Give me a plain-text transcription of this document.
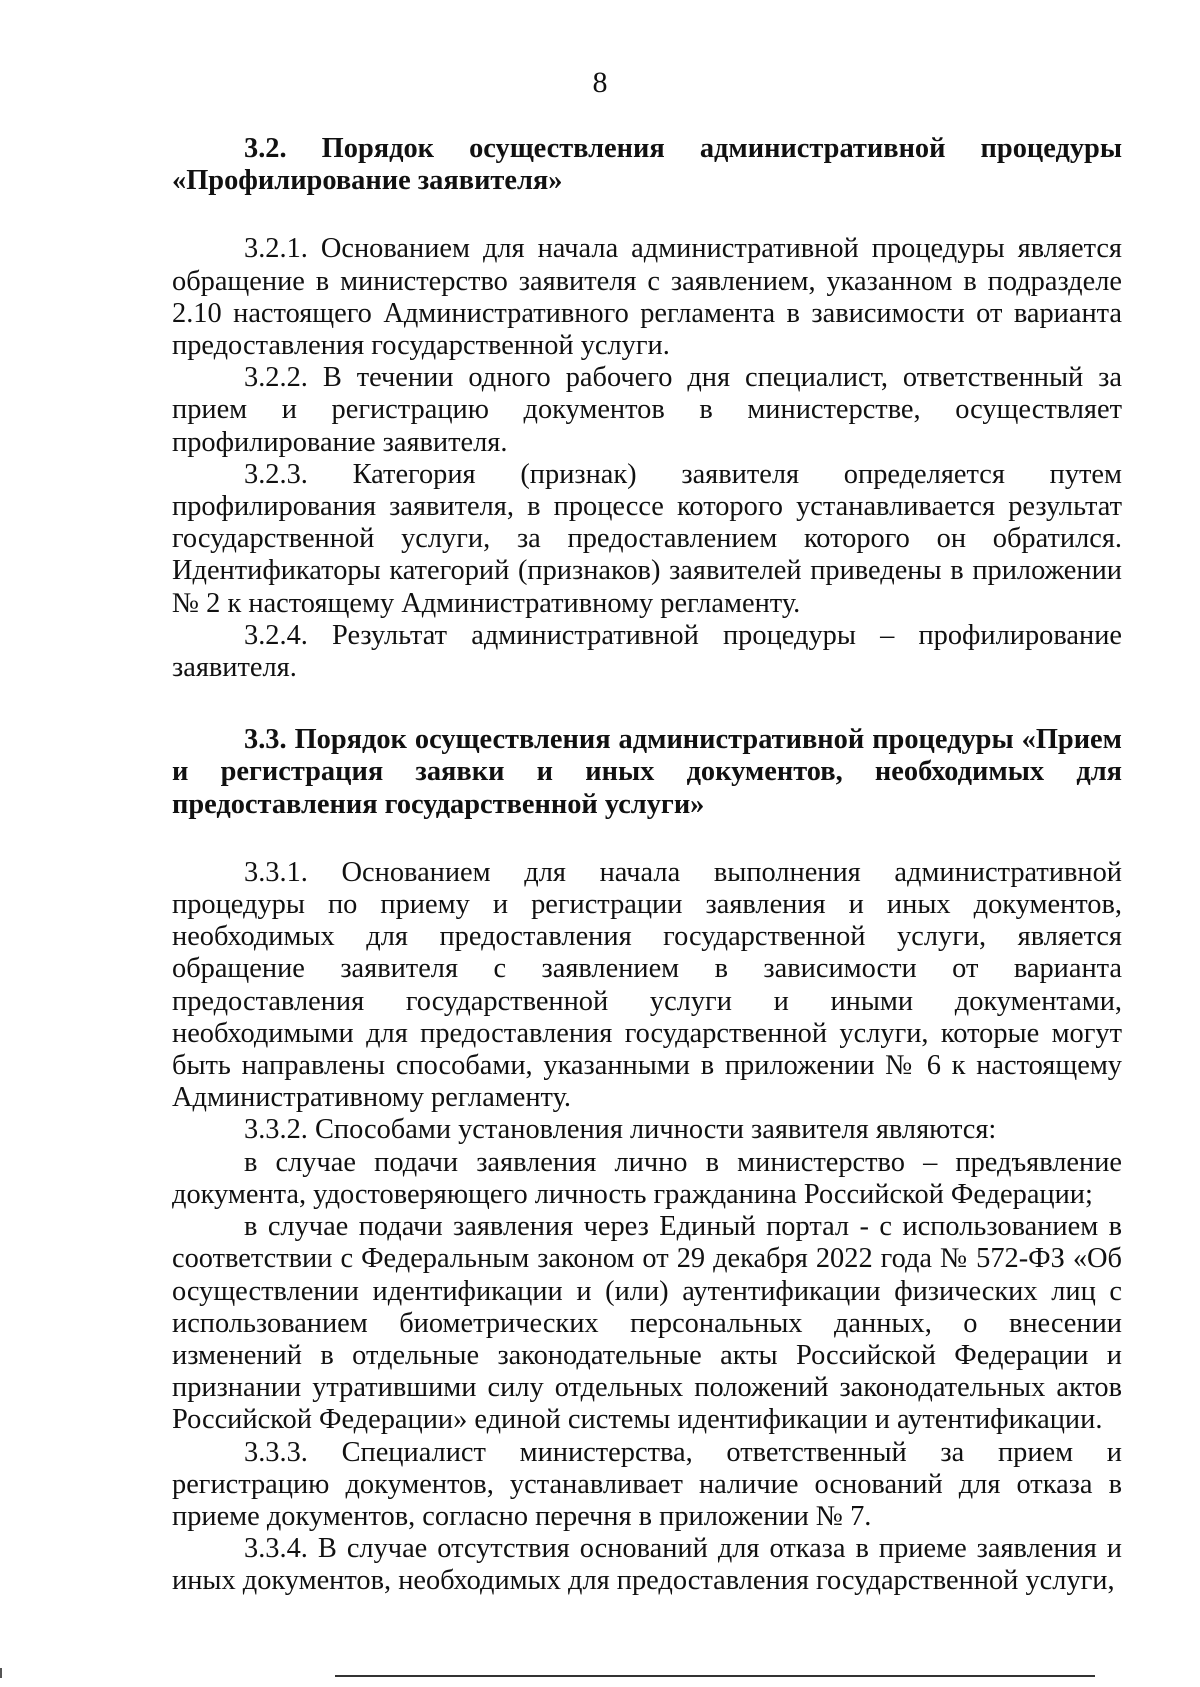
8

3.2. Порядок осуществления административной процедуры «Профилирование заявителя»

3.2.1. Основанием для начала административной процедуры является обращение в министерство заявителя с заявлением, указанном в подразделе 2.10 настоящего Административного регламента в зависимости от варианта предоставления государственной услуги.

3.2.2. В течении одного рабочего дня специалист, ответственный за прием и регистрацию документов в министерстве, осуществляет профилирование заявителя.

3.2.3. Категория (признак) заявителя определяется путем профилирования заявителя, в процессе которого устанавливается результат государственной услуги, за предоставлением которого он обратился. Идентификаторы категорий (признаков) заявителей приведены в приложении № 2 к настоящему Административному регламенту.

3.2.4. Результат административной процедуры – профилирование заявителя.

3.3. Порядок осуществления административной процедуры «Прием и регистрация заявки и иных документов, необходимых для предоставления государственной услуги»

3.3.1. Основанием для начала выполнения административной процедуры по приему и регистрации заявления и иных документов, необходимых для предоставления государственной услуги, является обращение заявителя с заявлением в зависимости от варианта предоставления государственной услуги и иными документами, необходимыми для предоставления государственной услуги, которые могут быть направлены способами, указанными в приложении № 6 к настоящему Административному регламенту.

3.3.2. Способами установления личности заявителя являются:

в случае подачи заявления лично в министерство – предъявление документа, удостоверяющего личность гражданина Российской Федерации;

в случае подачи заявления через Единый портал - с использованием в соответствии с Федеральным законом от 29 декабря 2022 года № 572-ФЗ «Об осуществлении идентификации и (или) аутентификации физических лиц с использованием биометрических персональных данных, о внесении изменений в отдельные законодательные акты Российской Федерации и признании утратившими силу отдельных положений законодательных актов Российской Федерации» единой системы идентификации и аутентификации.

3.3.3. Специалист министерства, ответственный за прием и регистрацию документов, устанавливает наличие оснований для отказа в приеме документов, согласно перечня в приложении № 7.

3.3.4. В случае отсутствия оснований для отказа в приеме заявления и иных документов, необходимых для предоставления государственной услуги,
